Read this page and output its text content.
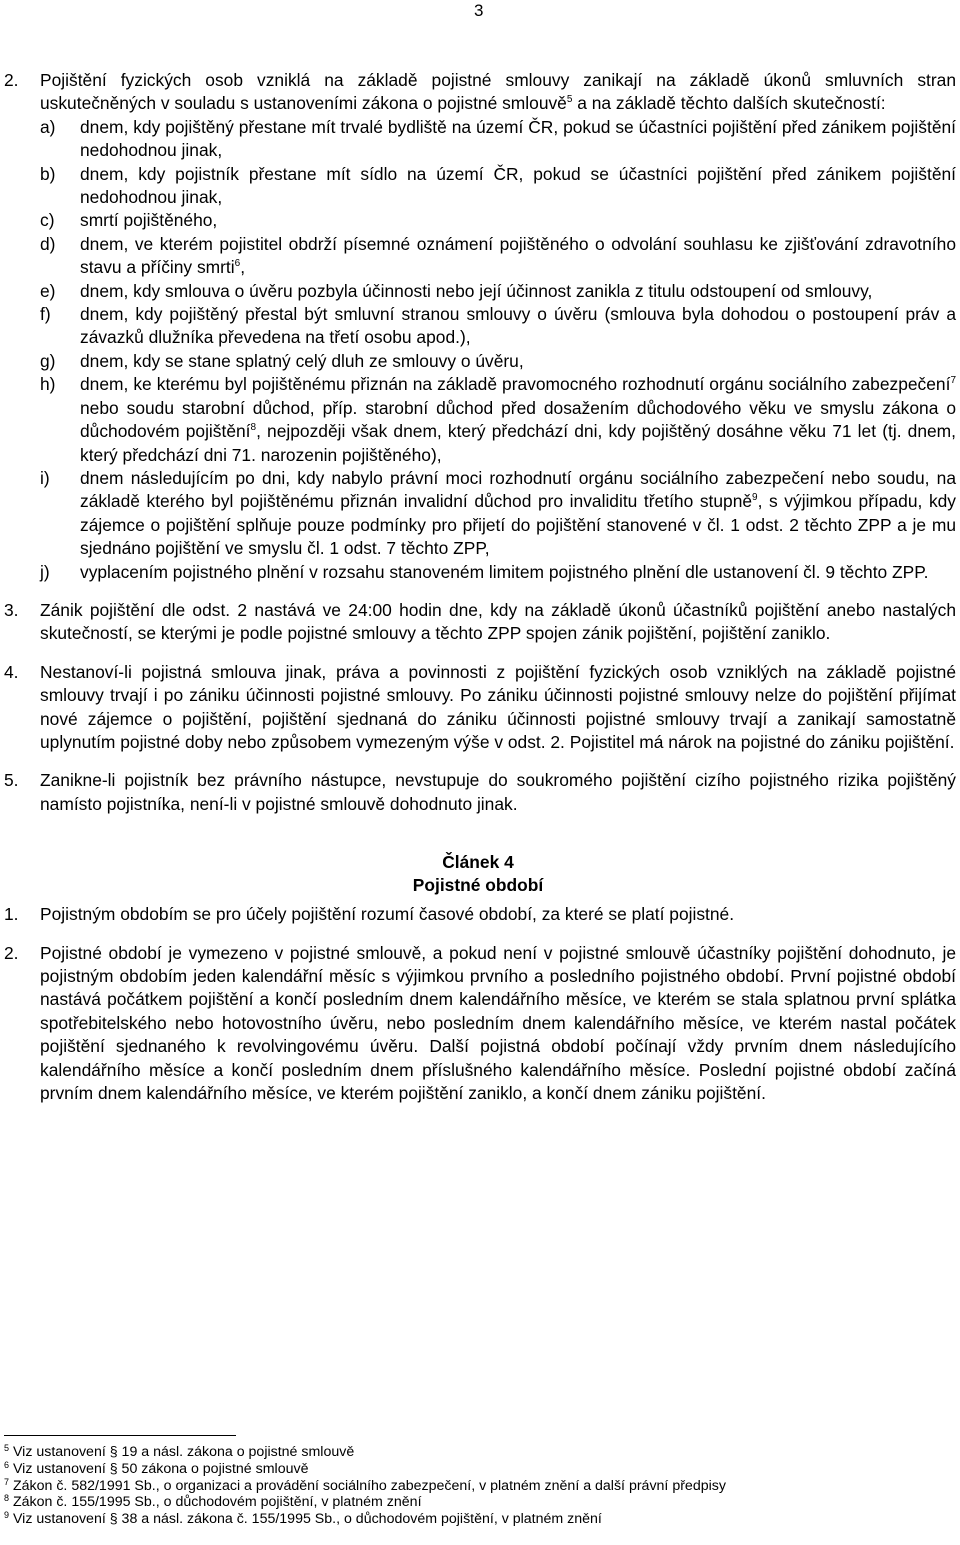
3
2. Pojištění fyzických osob vzniklá na základě pojistné smlouvy zanikají na základě úkonů smluvních stran uskutečněných v souladu s ustanoveními zákona o pojistné smlouvě$^5$ a na základě těchto dalších skutečností:
a) dnem, kdy pojištěný přestane mít trvalé bydliště na území ČR, pokud se účastníci pojištění před zánikem pojištění nedohodnou jinak,
b) dnem, kdy pojistník přestane mít sídlo na území ČR, pokud se účastníci pojištění před zánikem pojištění nedohodnou jinak,
c) smrtí pojištěného,
d) dnem, ve kterém pojistitel obdrží písemné oznámení pojištěného o odvolání souhlasu ke zjišťování zdravotního stavu a příčiny smrti$^6$,
e) dnem, kdy smlouva o úvěru pozbyla účinnosti nebo její účinnost zanikla z titulu odstoupení od smlouvy,
f) dnem, kdy pojištěný přestal být smluvní stranou smlouvy o úvěru (smlouva byla dohodou o postoupení práv a závazků dlužníka převedena na třetí osobu apod.),
g) dnem, kdy se stane splatný celý dluh ze smlouvy o úvěru,
h) dnem, ke kterému byl pojištěnému přiznán na základě pravomocného rozhodnutí orgánu sociálního zabezpečení$^7$ nebo soudu starobní důchod, příp. starobní důchod před dosažením důchodového věku ve smyslu zákona o důchodovém pojištění$^8$, nejpozději však dnem, který předchází dni, kdy pojištěný dosáhne věku 71 let (tj. dnem, který předchází dni 71. narozenin pojištěného),
i) dnem následujícím po dni, kdy nabylo právní moci rozhodnutí orgánu sociálního zabezpečení nebo soudu, na základě kterého byl pojištěnému přiznán invalidní důchod pro invaliditu třetího stupně$^9$, s výjimkou případu, kdy zájemce o pojištění splňuje pouze podmínky pro přijetí do pojištění stanovené v čl. 1 odst. 2 těchto ZPP a je mu sjednáno pojištění ve smyslu čl. 1 odst. 7 těchto ZPP,
j) vyplacením pojistného plnění v rozsahu stanoveném limitem pojistného plnění dle ustanovení čl. 9 těchto ZPP.
3. Zánik pojištění dle odst. 2 nastává ve 24:00 hodin dne, kdy na základě úkonů účastníků pojištění anebo nastalých skutečností, se kterými je podle pojistné smlouvy a těchto ZPP spojen zánik pojištění, pojištění zaniklo.
4. Nestanoví-li pojistná smlouva jinak, práva a povinnosti z pojištění fyzických osob vzniklých na základě pojistné smlouvy trvají i po zániku účinnosti pojistné smlouvy. Po zániku účinnosti pojistné smlouvy nelze do pojištění přijímat nové zájemce o pojištění, pojištění sjednaná do zániku účinnosti pojistné smlouvy trvají a zanikají samostatně uplynutím pojistné doby nebo způsobem vymezeným výše v odst. 2. Pojistitel má nárok na pojistné do zániku pojištění.
5. Zanikne-li pojistník bez právního nástupce, nevstupuje do soukromého pojištění cizího pojistného rizika pojištěný namísto pojistníka, není-li v pojistné smlouvě dohodnuto jinak.
Článek 4
Pojistné období
1. Pojistným obdobím se pro účely pojištění rozumí časové období, za které se platí pojistné.
2. Pojistné období je vymezeno v pojistné smlouvě, a pokud není v pojistné smlouvě účastníky pojištění dohodnuto, je pojistným obdobím jeden kalendářní měsíc s výjimkou prvního a posledního pojistného období. První pojistné období nastává počátkem pojištění a končí posledním dnem kalendářního měsíce, ve kterém se stala splatnou první splátka spotřebitelského nebo hotovostního úvěru, nebo posledním dnem kalendářního měsíce, ve kterém nastal počátek pojištění sjednaného k revolvingovému úvěru. Další pojistná období počínají vždy prvním dnem následujícího kalendářního měsíce a končí posledním dnem příslušného kalendářního měsíce. Poslední pojistné období začíná prvním dnem kalendářního měsíce, ve kterém pojištění zaniklo, a končí dnem zániku pojištění.
$^5$ Viz ustanovení § 19 a násl. zákona o pojistné smlouvě
$^6$ Viz ustanovení § 50 zákona o pojistné smlouvě
$^7$ Zákon č. 582/1991 Sb., o organizaci a provádění sociálního zabezpečení, v platném znění a další právní předpisy
$^8$ Zákon č. 155/1995 Sb., o důchodovém pojištění, v platném znění
$^9$ Viz ustanovení § 38 a násl. zákona č. 155/1995 Sb., o důchodovém pojištění, v platném znění
